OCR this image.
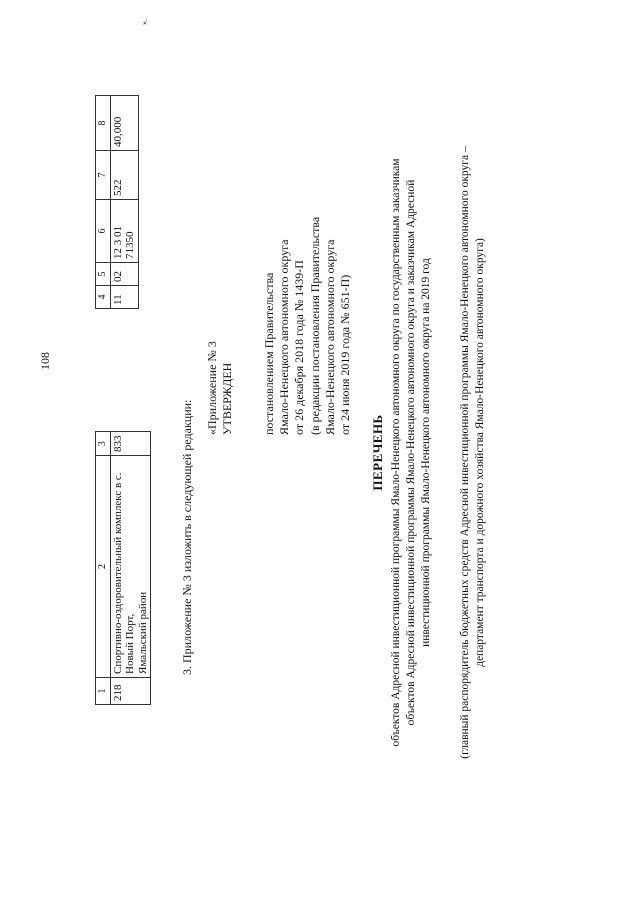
108
1	2	3
218	Спортивно-оздоровительный комплекс в с. Новый Порт, Ямальский район	833
4	5	6	7	8
11	02	12 3 01 71350	522	40,000
».
3. Приложение № 3 изложить в следующей редакции:
«Приложение № 3 УТВЕРЖДЕН постановлением Правительства Ямало-Ненецкого автономного округа от 26 декабря 2018 года № 1439-П (в редакции постановления Правительства Ямало-Ненецкого автономного округа от 24 июня 2019 года № 651-П)
ПЕРЕЧЕНЬ объектов Адресной инвестиционной программы Ямало-Ненецкого автономного округа по государственным заказчикам объектов Адресной инвестиционной программы Ямало-Ненецкого автономного округа и заказчикам Адресной инвестиционной программы Ямало-Ненецкого автономного округа на 2019 год (главный распорядитель бюджетных средств Адресной инвестиционной программы Ямало-Ненецкого автономного округа – департамент транспорта и дорожного хозяйства Ямало-Ненецкого автономного округа)
